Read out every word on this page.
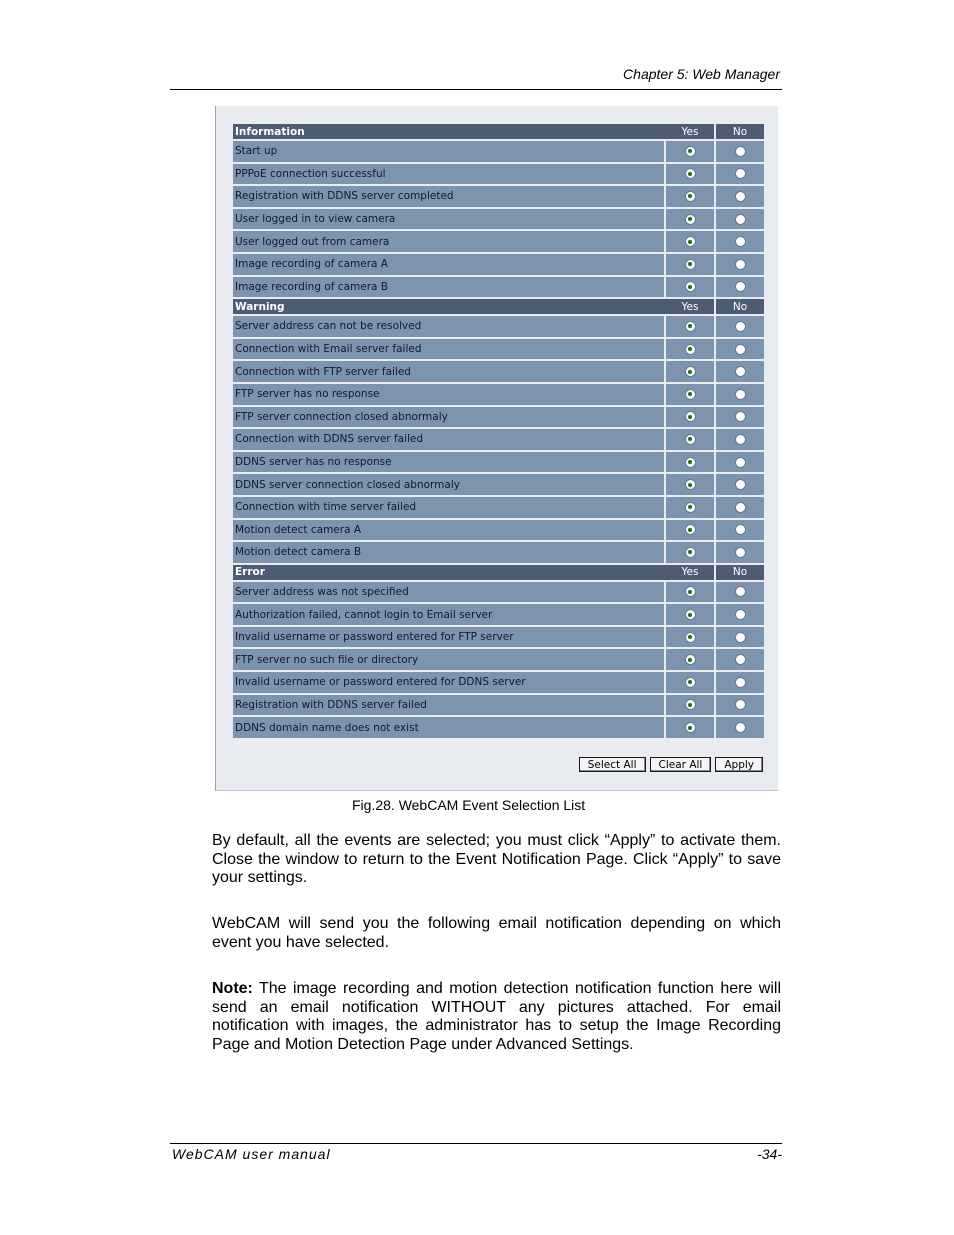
Chapter 5: Web Manager
Information	Yes	No
Start up		
PPPoE connection successful		
Registration with DDNS server completed		
User logged in to view camera		
User logged out from camera		
Image recording of camera A		
Image recording of camera B		
Warning	Yes	No
Server address can not be resolved		
Connection with Email server failed		
Connection with FTP server failed		
FTP server has no response		
FTP server connection closed abnormaly		
Connection with DDNS server failed		
DDNS server has no response		
DDNS server connection closed abnormaly		
Connection with time server failed		
Motion detect camera A		
Motion detect camera B		
Error	Yes	No
Server address was not specified		
Authorization failed, cannot login to Email server		
Invalid username or password entered for FTP server		
FTP server no such file or directory		
Invalid username or password entered for DDNS server		
Registration with DDNS server failed		
DDNS domain name does not exist		
Select All	Clear All	Apply
Fig.28. WebCAM Event Selection List
By default, all the events are selected; you must click “Apply” to activate them. Close the window to return to the Event Notification Page. Click “Apply” to save your settings.
WebCAM will send you the following email notification depending on which event you have selected.
Note: The image recording and motion detection notification function here will send an email notification WITHOUT any pictures attached. For email notification with images, the administrator has to setup the Image Recording Page and Motion Detection Page under Advanced Settings.
WebCAM user manual	-34-
